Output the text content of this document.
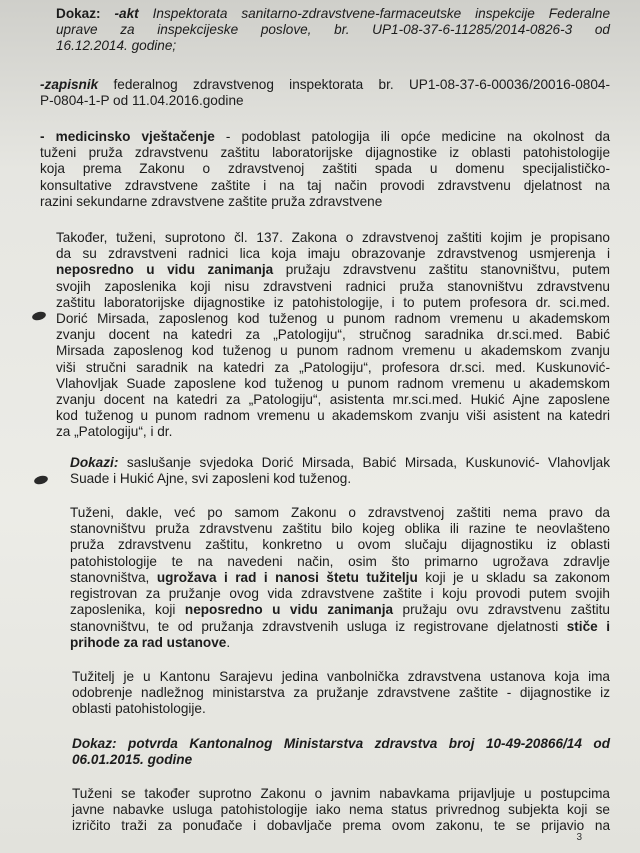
Dokaz: -akt Inspektorata sanitarno-zdravstvene-farmaceutske inspekcije Federalne
uprave za inspekcijeske poslove, br. UP1-08-37-6-11285/2014-0826-3 od
16.12.2014. godine;
-zapisnik federalnog zdravstvenog inspektorata br. UP1-08-37-6-00036/20016-0804-
P-0804-1-P od 11.04.2016.godine
- medicinsko vještačenje - podoblast patologija ili opće medicine na okolnost da
tuženi pruža zdravstvenu zaštitu laboratorijske dijagnostike iz oblasti patohistologije
koja prema Zakonu o zdravstvenoj zaštiti spada u domenu specijalističko-
konsultative zdravstvene zaštite i na taj način provodi zdravstvenu djelatnost na
razini sekundarne zdravstvene zaštite pruža zdravstvene
Također, tuženi, suprotono čl. 137. Zakona o zdravstvenoj zaštiti kojim je propisano
da su zdravstveni radnici lica koja imaju obrazovanje zdravstvenog usmjerenja i
neposredno u vidu zanimanja pružaju zdravstvenu zaštitu stanovništvu, putem
svojih zaposlenika koji nisu zdravstveni radnici pruža stanovništvu zdravstvenu
zaštitu laboratorijske dijagnostike iz patohistologije, i to putem profesora dr. sci.med.
Dorić Mirsada, zaposlenog kod tuženog u punom radnom vremenu u akademskom
zvanju docent na katedri za „Patologiju“, stručnog saradnika dr.sci.med. Babić
Mirsada zaposlenog kod tuženog u punom radnom vremenu u akademskom zvanju
viši stručni saradnik na katedri za „Patologiju“, profesora dr.sci. med. Kuskunović-
Vlahovljak Suade zaposlene kod tuženog u punom radnom vremenu u akademskom
zvanju docent na katedri za „Patologiju“, asistenta mr.sci.med. Hukić Ajne zaposlene
kod tuženog u punom radnom vremenu u akademskom zvanju viši asistent na katedri
za „Patologiju“, i dr.
Dokazi: saslušanje svjedoka Dorić Mirsada, Babić Mirsada, Kuskunović- Vlahovljak
Suade i Hukić Ajne, svi zaposleni kod tuženog.
Tuženi, dakle, već po samom Zakonu o zdravstvenoj zaštiti nema pravo da
stanovništvu pruža zdravstvenu zaštitu bilo kojeg oblika ili razine te neovlašteno
pruža zdravstvenu zaštitu, konkretno u ovom slučaju dijagnostiku iz oblasti
patohistologije te na navedeni način, osim što primarno ugrožava zdravlje
stanovništva, ugrožava i rad i nanosi štetu tužitelju koji je u skladu sa zakonom
registrovan za pružanje ovog vida zdravstvene zaštite i koju provodi putem svojih
zaposlenika, koji neposredno u vidu zanimanja pružaju ovu zdravstvenu zaštitu
stanovništvu, te od pružanja zdravstvenih usluga iz registrovane djelatnosti stiče i
prihode za rad ustanove.
Tužitelj je u Kantonu Sarajevu jedina vanbolnička zdravstvena ustanova koja ima
odobrenje nadležnog ministarstva za pružanje zdravstvene zaštite - dijagnostike iz
oblasti patohistologije.
Dokaz: potvrda Kantonalnog Ministarstva zdravstva broj 10-49-20866/14 od
06.01.2015. godine
Tuženi se također suprotno Zakonu o javnim nabavkama prijavljuje u postupcima
javne nabavke usluga patohistologije iako nema status privrednog subjekta koji se
izričito traži za ponuđače i dobavljače prema ovom zakonu, te se prijavio na
3
